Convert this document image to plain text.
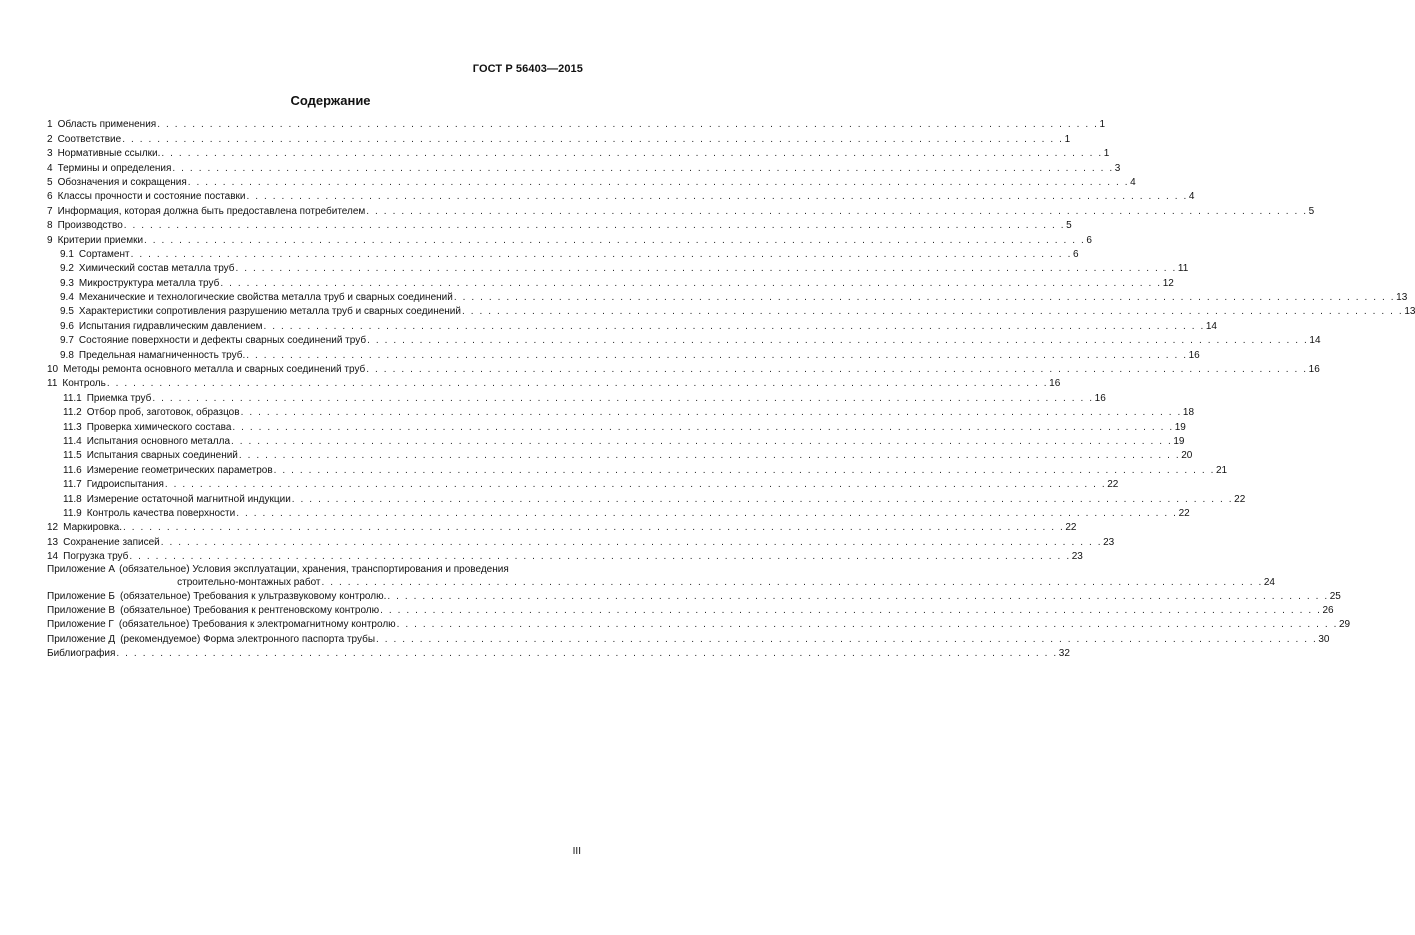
ГОСТ Р 56403—2015
Содержание
1 Область применения . . .	1
2 Соответствие . . .	1
3 Нормативные ссылки. . . .	1
4 Термины и определения . . .	3
5 Обозначения и сокращения . . .	4
6 Классы прочности и состояние поставки . . .	4
7 Информация, которая должна быть предоставлена потребителем . . .	5
8 Производство . . .	5
9 Критерии приемки . . .	6
9.1 Сортамент . . .	6
9.2 Химический состав металла труб . . .	11
9.3 Микроструктура металла труб . . .	12
9.4 Механические и технологические свойства металла труб и сварных соединений . . .	13
9.5 Характеристики сопротивления разрушению металла труб и сварных соединений . . .	13
9.6 Испытания гидравлическим давлением . . .	14
9.7 Состояние поверхности и дефекты сварных соединений труб . . .	14
9.8 Предельная намагниченность труб. . . .	16
10 Методы ремонта основного металла и сварных соединений труб . . .	16
11 Контроль . . .	16
11.1 Приемка труб . . .	16
11.2 Отбор проб, заготовок, образцов . . .	18
11.3 Проверка химического состава . . .	19
11.4 Испытания основного металла . . .	19
11.5 Испытания сварных соединений . . .	20
11.6 Измерение геометрических параметров . . .	21
11.7 Гидроиспытания . . .	22
11.8 Измерение остаточной магнитной индукции . . .	22
11.9 Контроль качества поверхности . . .	22
12 Маркировка. . . .	22
13 Сохранение записей . . .	23
14 Погрузка труб . . .	23
Приложение А (обязательное) Условия эксплуатации, хранения, транспортирования и проведения
строительно-монтажных работ . . .	24
Приложение Б (обязательное) Требования к ультразвуковому контролю. . . .	25
Приложение В (обязательное) Требования к рентгеновскому контролю . . .	26
Приложение Г (обязательное) Требования к электромагнитному контролю . . .	29
Приложение Д (рекомендуемое) Форма электронного паспорта трубы . . .	30
Библиография . . .	32
III
